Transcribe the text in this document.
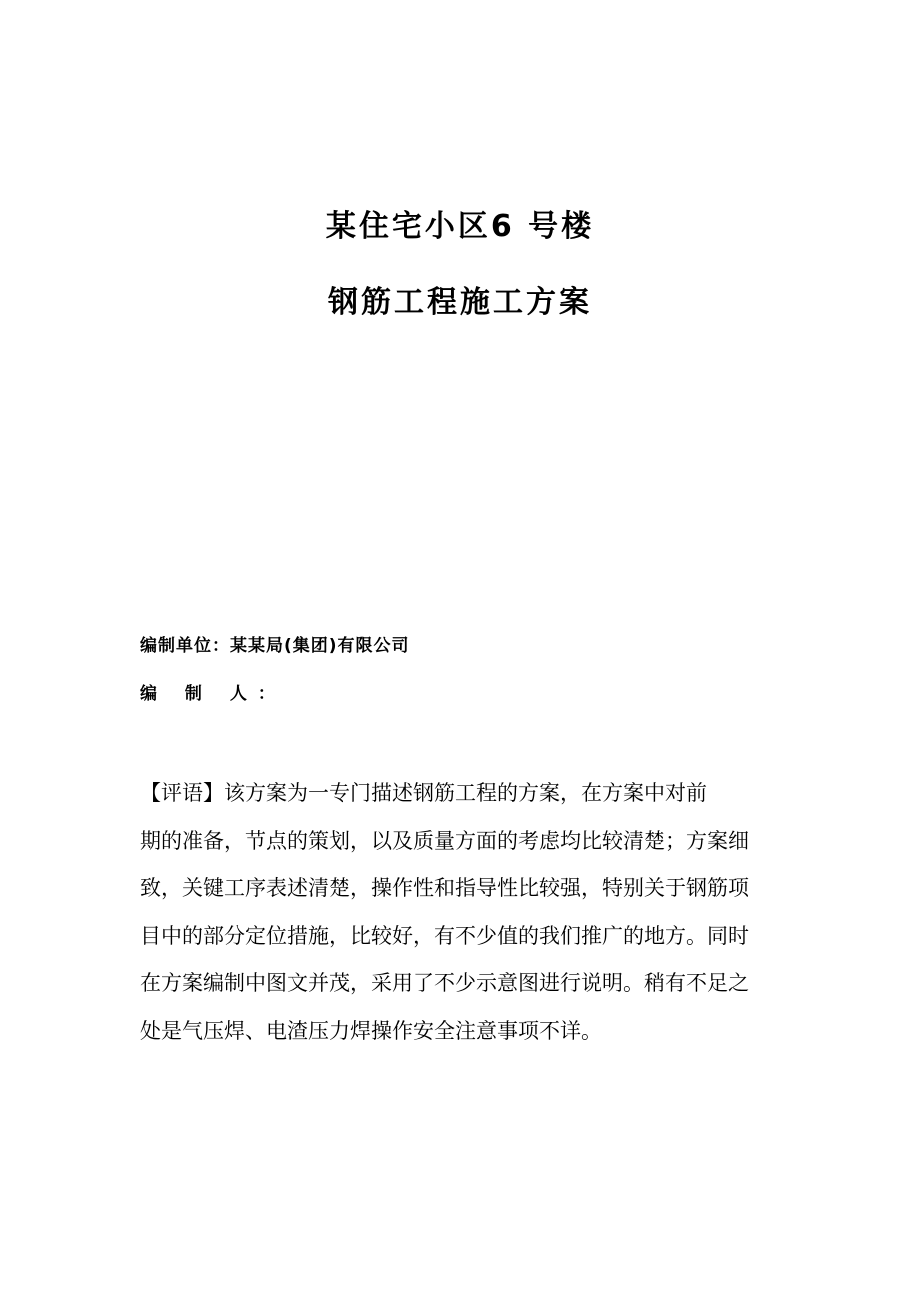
某住宅小区6 号楼
钢筋工程施工方案
编制单位：某某局(集团)有限公司
编 制 人：
【评语】该方案为一专门描述钢筋工程的方案，在方案中对前
期的准备，节点的策划，以及质量方面的考虑均比较清楚；方案细
致，关键工序表述清楚，操作性和指导性比较强，特别关于钢筋项
目中的部分定位措施，比较好，有不少值的我们推广的地方。同时
在方案编制中图文并茂，采用了不少示意图进行说明。稍有不足之
处是气压焊、电渣压力焊操作安全注意事项不详。
